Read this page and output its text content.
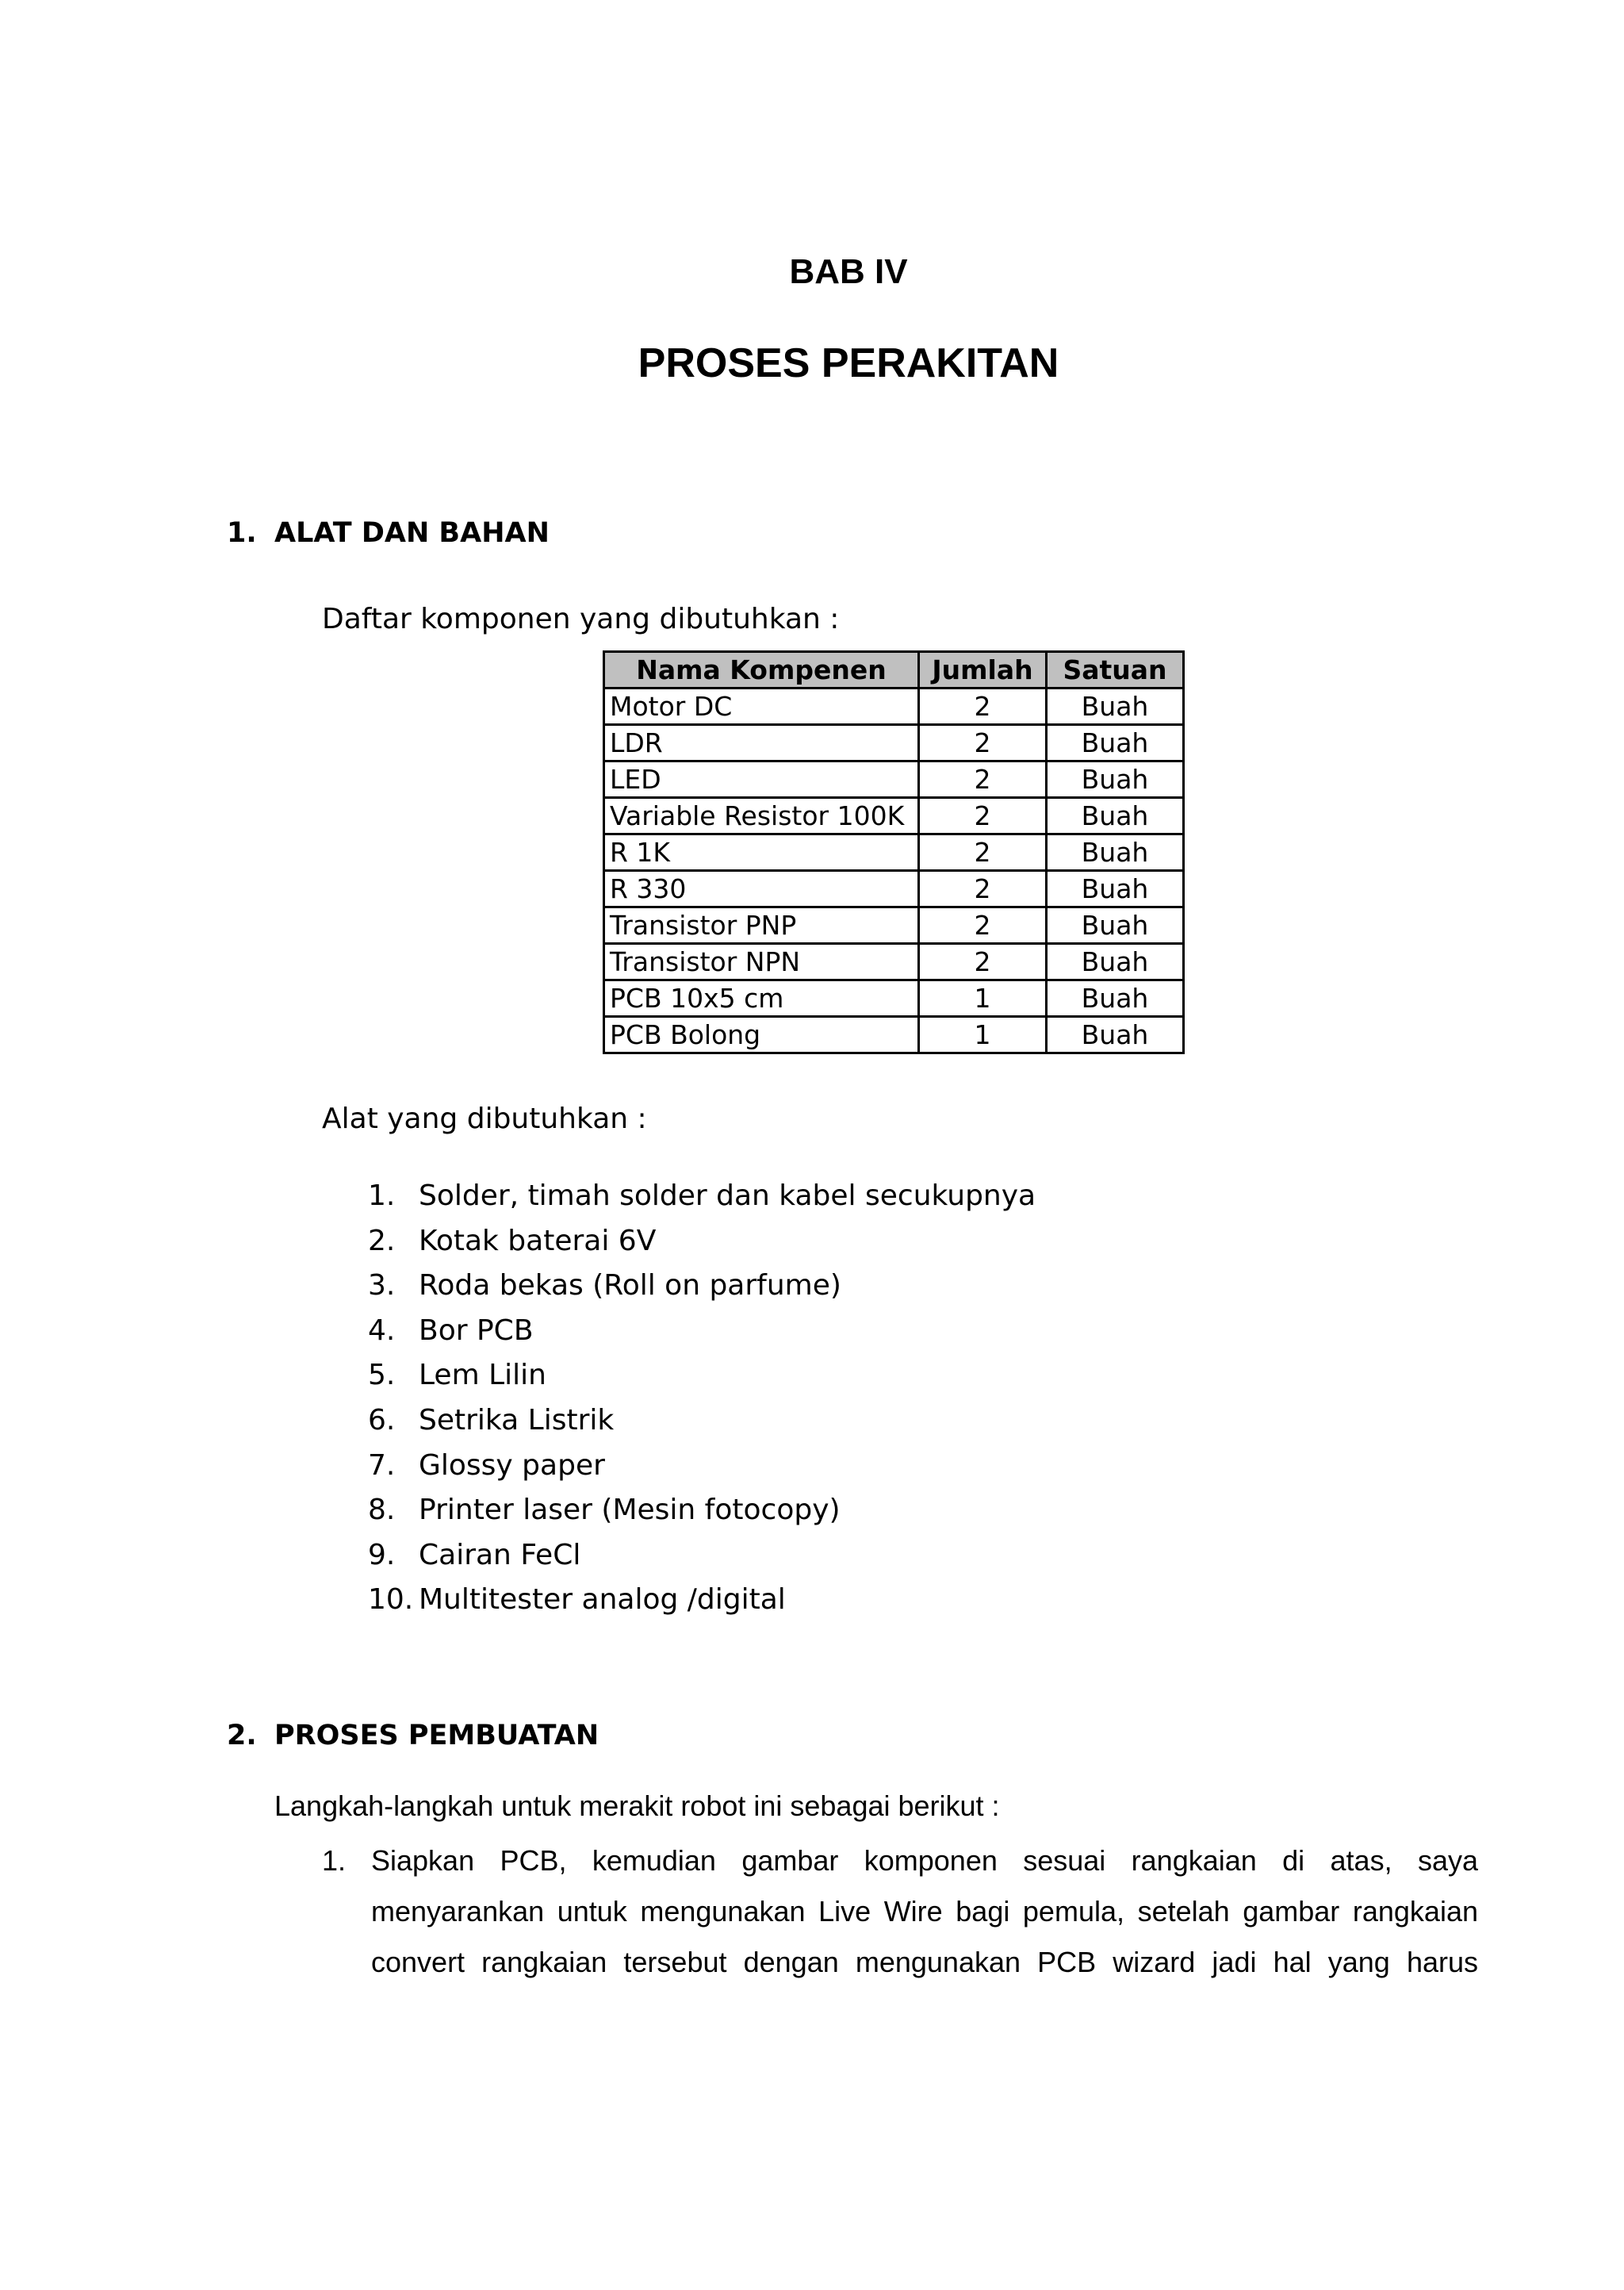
BAB IV
PROSES PERAKITAN
1. ALAT DAN BAHAN
Daftar komponen yang dibutuhkan :
Nama Kompenen	Jumlah	Satuan
Motor DC	2	Buah
LDR	2	Buah
LED	2	Buah
Variable Resistor 100K	2	Buah
R 1K	2	Buah
R 330	2	Buah
Transistor PNP	2	Buah
Transistor NPN	2	Buah
PCB 10x5 cm	1	Buah
PCB Bolong	1	Buah
Alat yang dibutuhkan :
1. Solder, timah solder dan kabel secukupnya
2. Kotak baterai 6V
3. Roda bekas (Roll on parfume)
4. Bor PCB
5. Lem Lilin
6. Setrika Listrik
7. Glossy paper
8. Printer laser (Mesin fotocopy)
9. Cairan FeCl
10. Multitester analog /digital
2. PROSES PEMBUATAN
Langkah-langkah untuk merakit robot ini sebagai berikut :
1. Siapkan PCB, kemudian gambar komponen sesuai rangkaian di atas, saya
menyarankan untuk mengunakan Live Wire bagi pemula, setelah gambar rangkaian
convert rangkaian tersebut dengan mengunakan PCB wizard jadi hal yang harus
